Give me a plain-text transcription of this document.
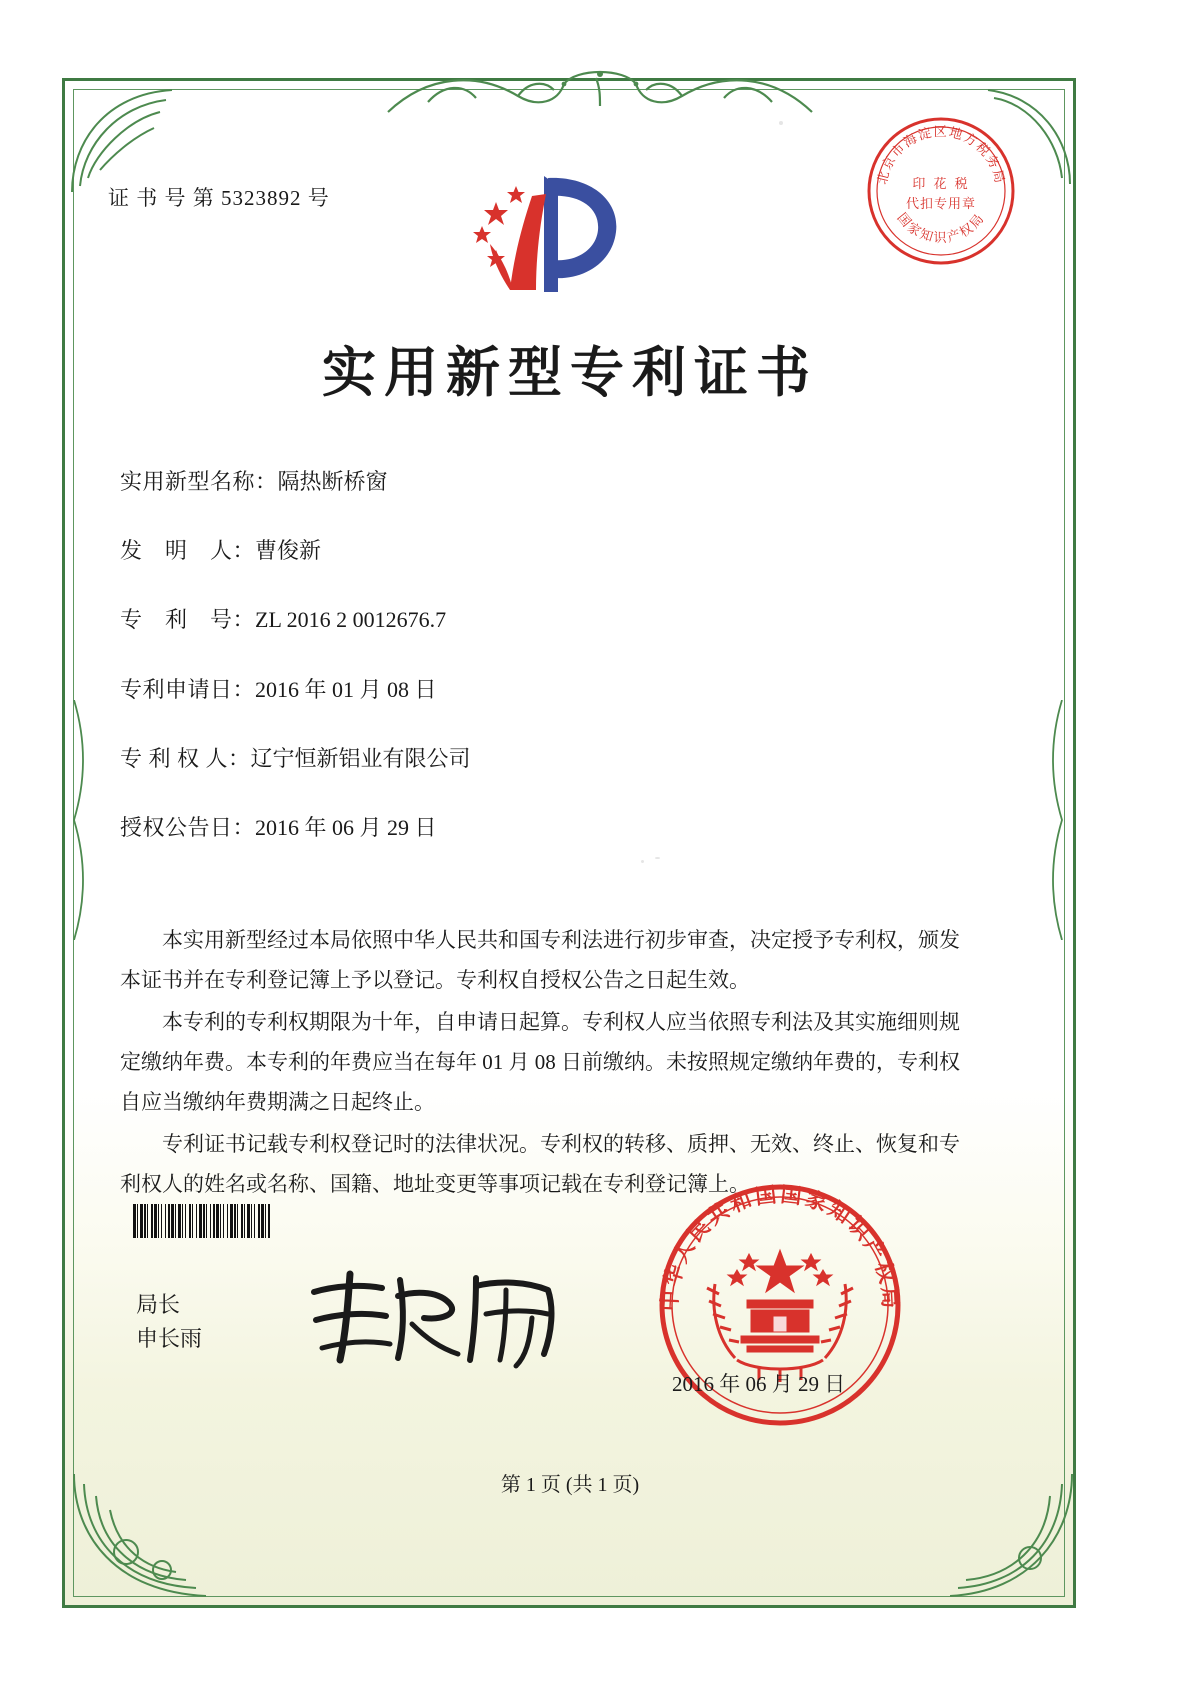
证 书 号 第 5323892 号
北京市海淀区地方税务局
国家知识产权局
印 花 税
代扣专用章
实用新型专利证书
实用新型名称：隔热断桥窗
发　明　人：曹俊新
专　利　号：ZL 2016 2 0012676.7
专利申请日：2016 年 01 月 08 日
专 利 权 人：辽宁恒新铝业有限公司
授权公告日：2016 年 06 月 29 日

本实用新型经过本局依照中华人民共和国专利法进行初步审查，决定授予专利权，颁发本证书并在专利登记簿上予以登记。专利权自授权公告之日起生效。

本专利的专利权期限为十年，自申请日起算。专利权人应当依照专利法及其实施细则规定缴纳年费。本专利的年费应当在每年 01 月 08 日前缴纳。未按照规定缴纳年费的，专利权自应当缴纳年费期满之日起终止。

专利证书记载专利权登记时的法律状况。专利权的转移、质押、无效、终止、恢复和专利权人的姓名或名称、国籍、地址变更等事项记载在专利登记簿上。

局长
申长雨
中华人民共和国国家知识产权局
2016 年 06 月 29 日
第 1 页 (共 1 页)
